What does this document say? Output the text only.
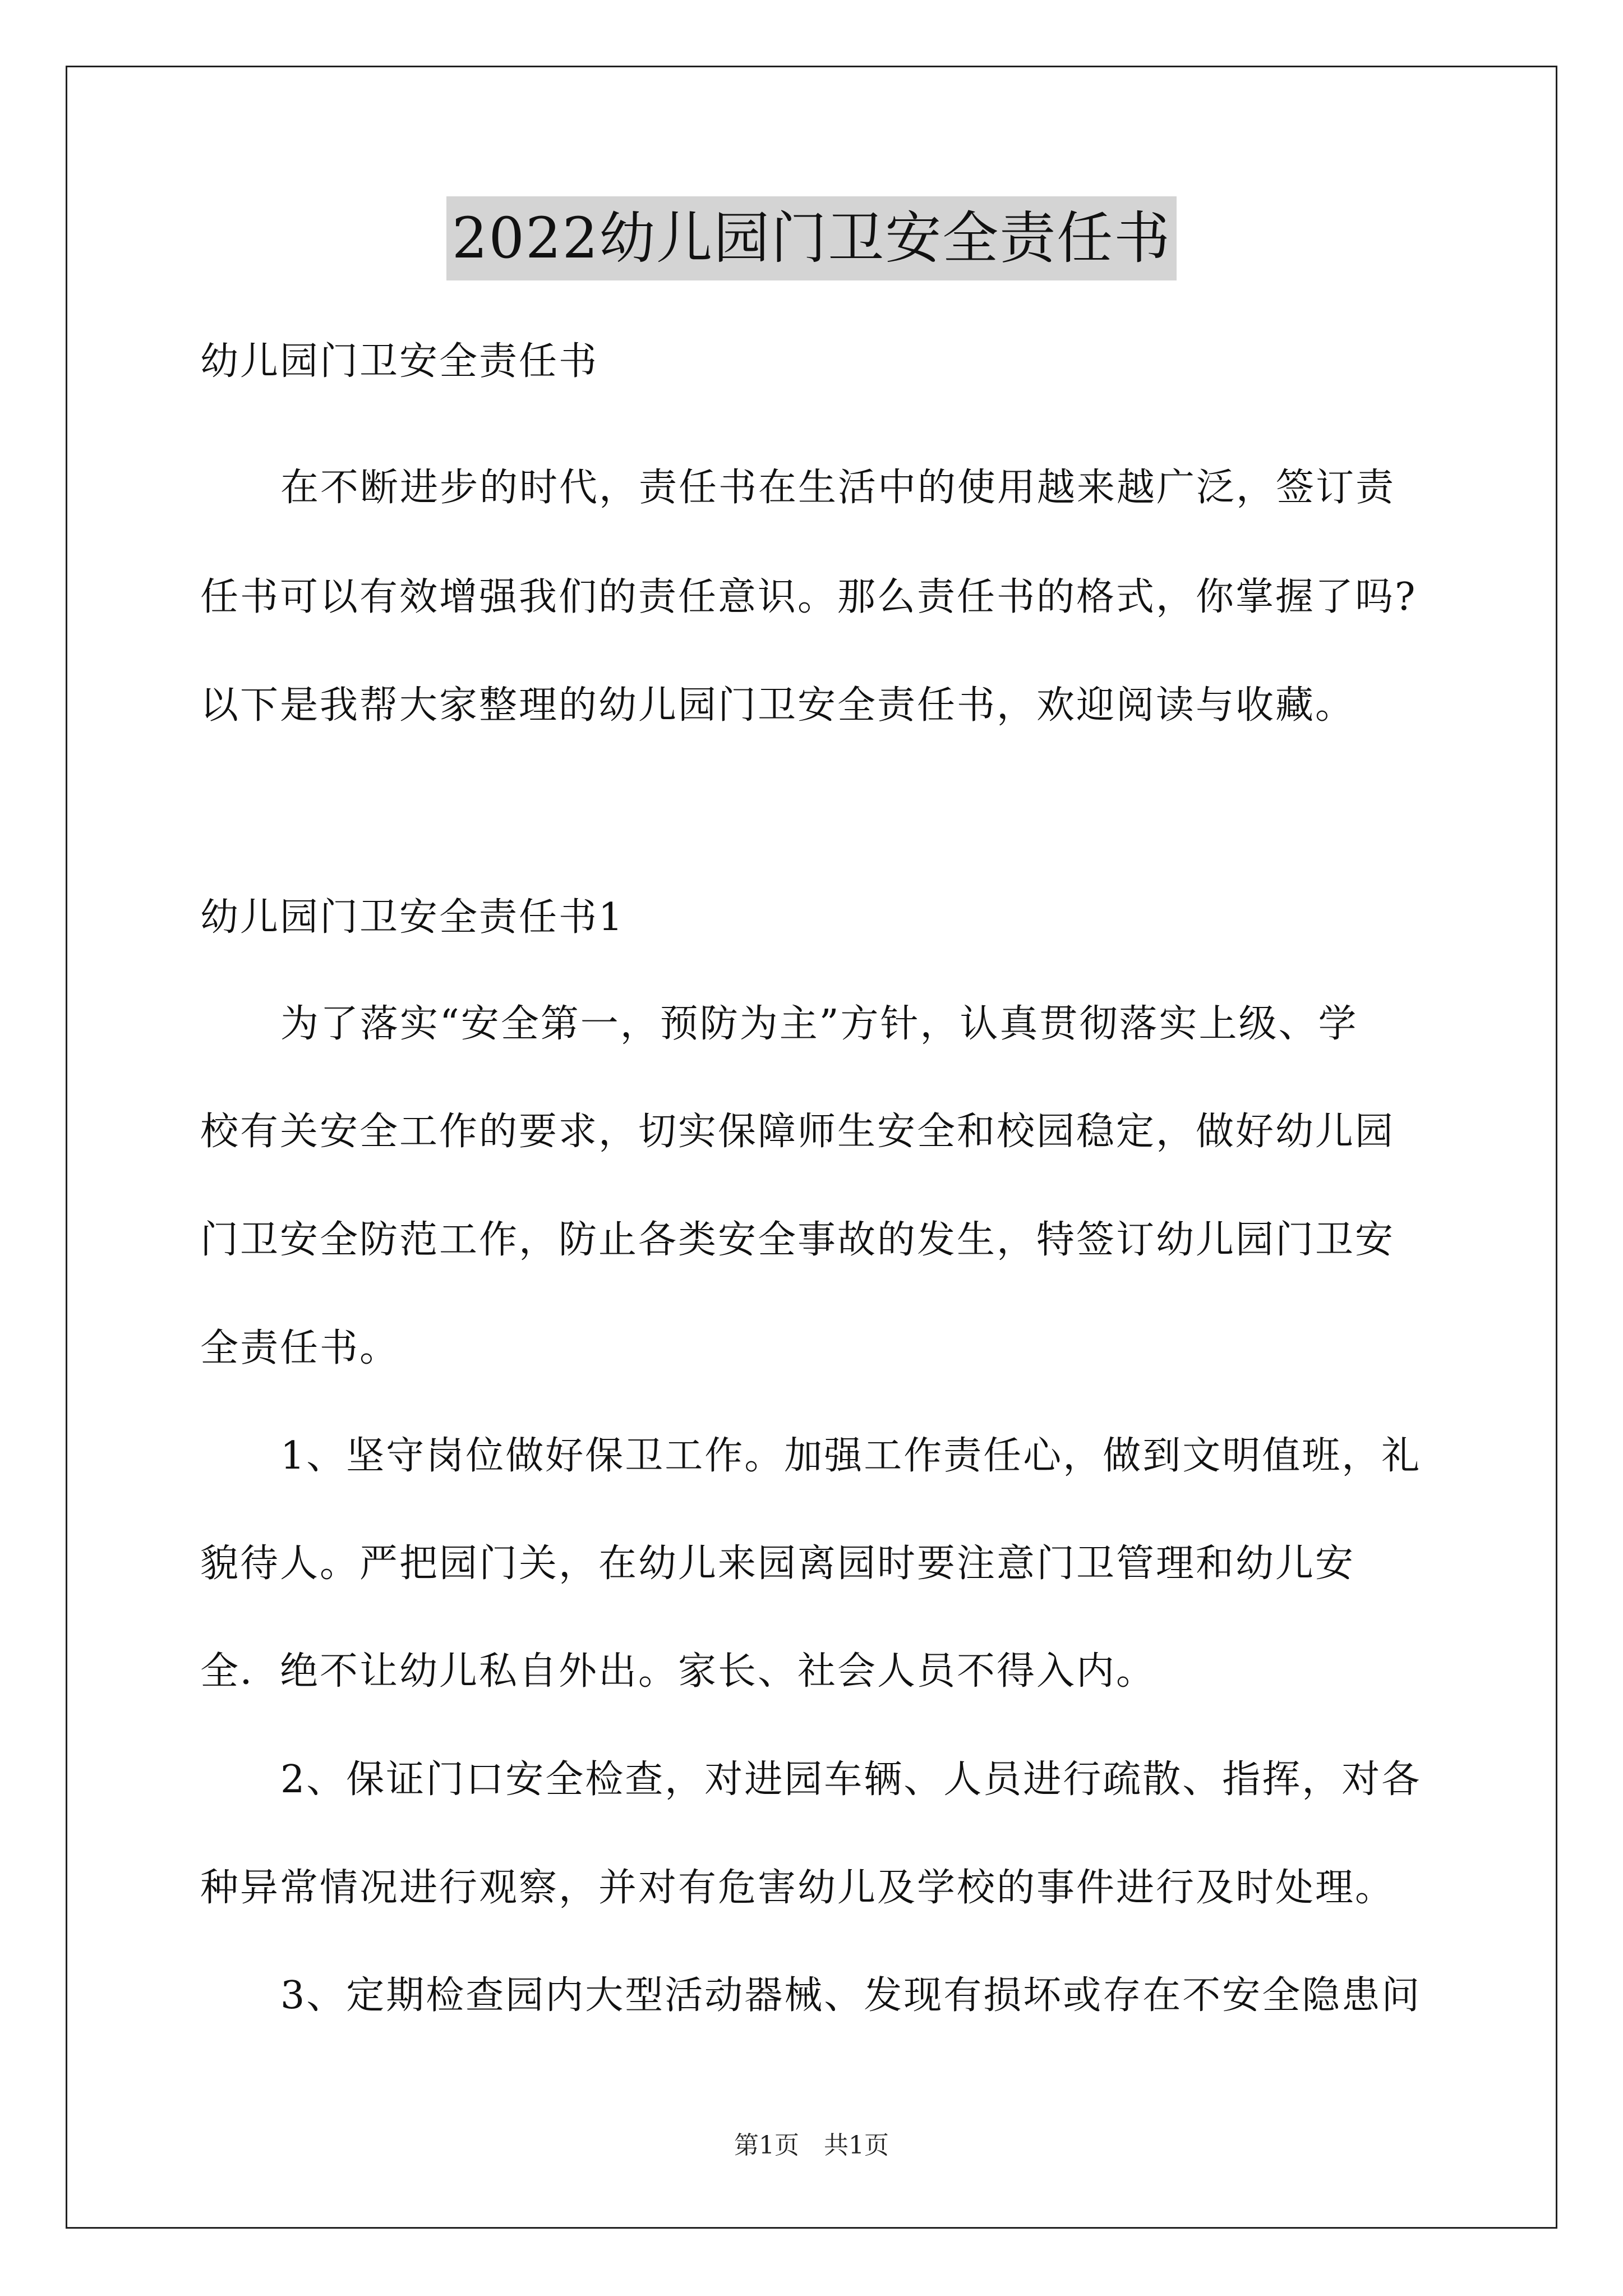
2022幼儿园门卫安全责任书
幼儿园门卫安全责任书
在不断进步的时代，责任书在生活中的使用越来越广泛，签订责
任书可以有效增强我们的责任意识。那么责任书的格式，你掌握了吗?
以下是我帮大家整理的幼儿园门卫安全责任书，欢迎阅读与收藏。
幼儿园门卫安全责任书1
为了落实“安全第一，预防为主”方针，认真贯彻落实上级、学
校有关安全工作的要求，切实保障师生安全和校园稳定，做好幼儿园
门卫安全防范工作，防止各类安全事故的发生，特签订幼儿园门卫安
全责任书。
1、坚守岗位做好保卫工作。加强工作责任心，做到文明值班，礼
貌待人。严把园门关，在幼儿来园离园时要注意门卫管理和幼儿安
全．绝不让幼儿私自外出。家长、社会人员不得入内。
2、保证门口安全检查，对进园车辆、人员进行疏散、指挥，对各
种异常情况进行观察，并对有危害幼儿及学校的事件进行及时处理。
3、定期检查园内大型活动器械、发现有损坏或存在不安全隐患问
第1页　共1页
